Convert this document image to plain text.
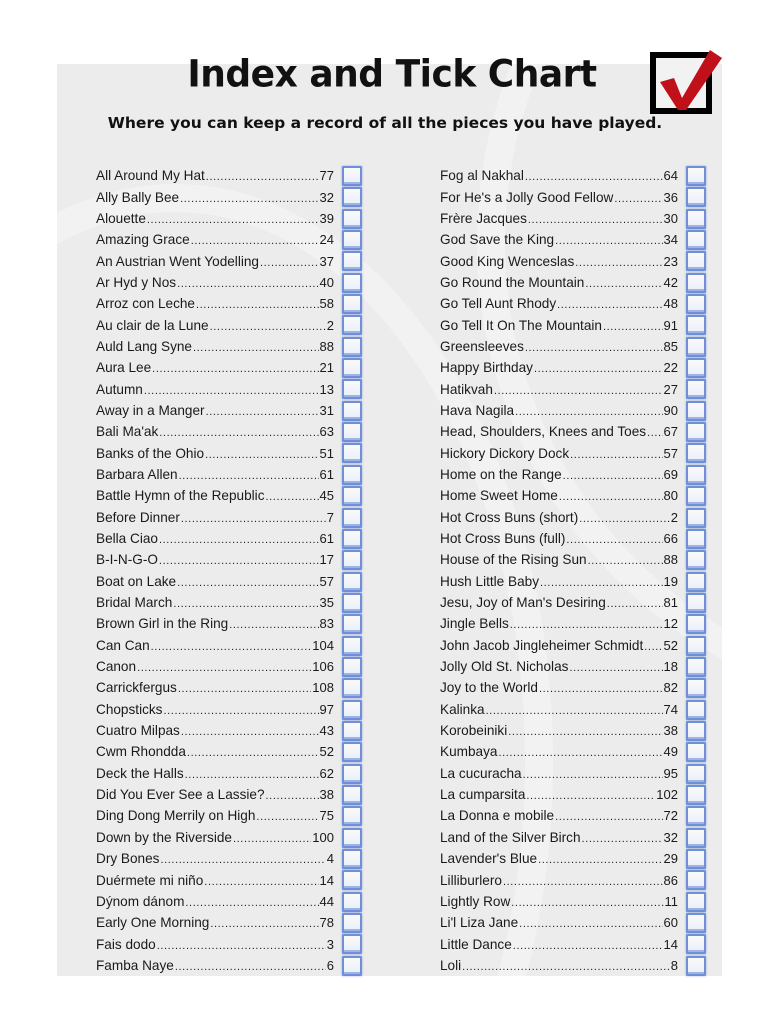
Index and Tick Chart
Where you can keep a record of all the pieces you have played.
All Around My Hat .....	77
Ally Bally Bee .....	32
Alouette .....	39
Amazing Grace .....	24
An Austrian Went Yodelling .....	37
Ar Hyd y Nos .....	40
Arroz con Leche .....	58
Au clair de la Lune .....	2
Auld Lang Syne .....	88
Aura Lee .....	21
Autumn .....	13
Away in a Manger .....	31
Bali Ma'ak .....	63
Banks of the Ohio .....	51
Barbara Allen .....	61
Battle Hymn of the Republic .....	45
Before Dinner .....	7
Bella Ciao .....	61
B-I-N-G-O .....	17
Boat on Lake .....	57
Bridal March .....	35
Brown Girl in the Ring .....	83
Can Can .....	104
Canon .....	106
Carrickfergus .....	108
Chopsticks .....	97
Cuatro Milpas .....	43
Cwm Rhondda .....	52
Deck the Halls .....	62
Did You Ever See a Lassie? .....	38
Ding Dong Merrily on High .....	75
Down by the Riverside .....	100
Dry Bones .....	4
Duérmete mi niño .....	14
Dýnom dánom .....	44
Early One Morning .....	78
Fais dodo .....	3
Famba Naye .....	6
Fog al Nakhal .....	64
For He's a Jolly Good Fellow .....	36
Frère Jacques .....	30
God Save the King .....	34
Good King Wenceslas .....	23
Go Round the Mountain .....	42
Go Tell Aunt Rhody .....	48
Go Tell It On The Mountain .....	91
Greensleeves .....	85
Happy Birthday .....	22
Hatikvah .....	27
Hava Nagila .....	90
Head, Shoulders, Knees and Toes ..... 67
Hickory Dickory Dock .....	57
Home on the Range .....	69
Home Sweet Home .....	80
Hot Cross Buns (short) .....	2
Hot Cross Buns (full) .....	66
House of the Rising Sun .....	88
Hush Little Baby .....	19
Jesu, Joy of Man's Desiring .....	81
Jingle Bells .....	12
John Jacob Jingleheimer Schmidt ..... 52
Jolly Old St. Nicholas .....	18
Joy to the World .....	82
Kalinka .....	74
Korobeiniki .....	38
Kumbaya .....	49
La cucuracha .....	95
La cumparsita .....	102
La Donna e mobile .....	72
Land of the Silver Birch .....	32
Lavender's Blue .....	29
Lilliburlero .....	86
Lightly Row .....	11
Li'l Liza Jane .....	60
Little Dance .....	14
Loli .....	8
